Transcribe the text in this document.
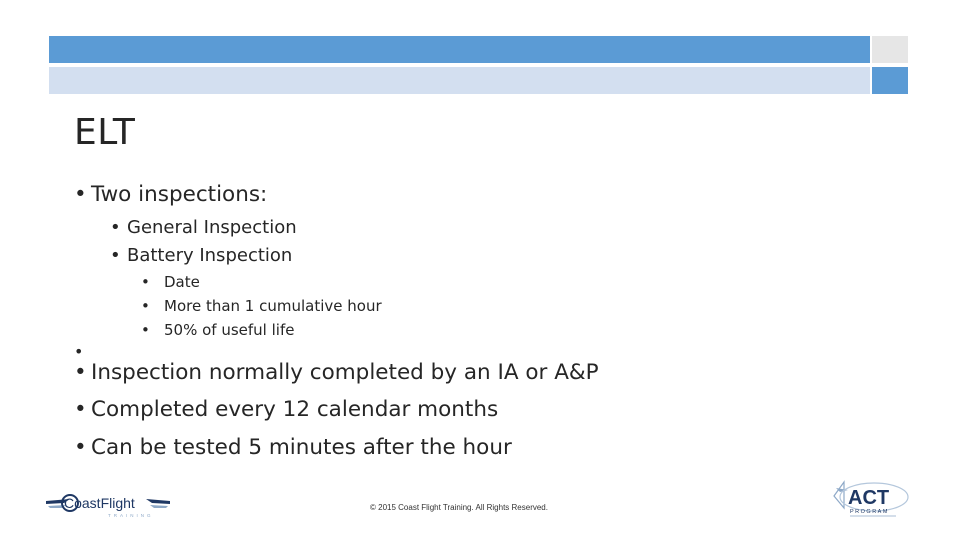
ELT
• Two inspections:
• General Inspection
• Battery Inspection
• Date
• More than 1 cumulative hour
• 50% of useful life
•
• Inspection normally completed by an IA or A&P
• Completed every 12 calendar months
• Can be tested 5 minutes after the hour
CoastFlight
TRAINING
© 2015 Coast Flight Training. All Rights Reserved.	ACT
PROGRAM
